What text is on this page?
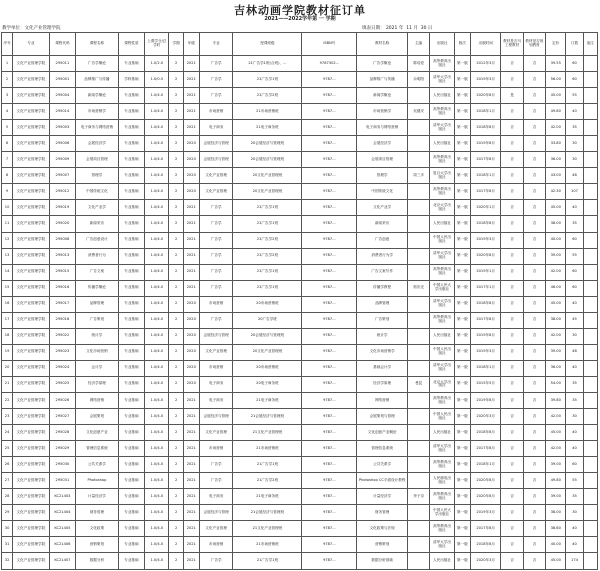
吉林动画学院教材征订单
2021——2022学年第 一 学期
教学单位：文化产业管理学院	填表日期： 2021 年 11 月 30 日
序号	专业	课程代码	课程名称	课程性质	上课学分/总学时	学期	年级	专业	授课班级	ISBN号	教材名称	主编	出版社	版次	出版时间	教材是否马工程教材	教材是否规划教材	定价	订数	备注
1	文化产业管理学院	295011	广告学概论	专业基础	1.0/2.0	2	2021	广告学	21广告学1班(合班)、...	9787302...	广告学概论	陈培爱	高等教育出版社	第一版	2012年3月	否	否	39.55	60	
2	文化产业管理学院	295001	品牌推广与传播	学科基础	1.0/0.5	2	2021	广告学	21广告学1班	9787...	品牌推广与传播	余明阳	清华大学出版社	第一版	2019年3月	否	否	56.00	60	
3	文化产业管理学院	295004	新闻学概论	专业基础	1.0/4.0	2	2021	广告学	21广告学2班	9787...	新闻学概论		人民出版社	第一版	2020年8月	是	否	45.00	55	
4	文化产业管理学院	295014	市场营销学	专业基础	1.0/4.0	2	2021	市场营销	21市场营销班	9787...	市场营销学	吴健安	高等教育出版社	第一版	2018年1月	否	否	49.80	40	
5	文化产业管理学院	295003	电子商务与网络营销	专业基础	1.0/4.0	2	2021	电子商务	21电子商务班	9787...	电子商务与网络营销		清华大学出版社	第一版	2018年8月	否	否	42.00	35	
6	文化产业管理学院	295006	会展经济学	专业基础	1.0/4.0	2	2020	会展经济与管理	20会展经济与管理班	9787...	会展经济学		人民出版社	第一版	2019年8月	否	否	33.80	30	
7	文化产业管理学院	295009	会展项目管理	专业基础	1.0/4.0	2	2020	会展经济与管理	20会展经济与管理班	9787...	会展项目管理		高等教育出版社	第一版	2017年8月	否	否	36.00	30	
8	文化产业管理学院	295007	管理学	专业基础	1.0/4.0	2	2020	文化产业管理	20文化产业管理班	9787...	管理学	周三多	复旦大学出版社	第一版	2018年1月	否	否	43.00	48	
9	文化产业管理学院	295012	中国传统文化	专业基础	1.0/4.0	2	2020	文化产业管理	20文化产业管理班	9787...	中国传统文化		高等教育出版社	第一版	2017年8月	否	否	42.30	107	
10	文化产业管理学院	295019	文化产业学	专业基础	1.0/4.0	2	2021	广告学	21广告学1班	9787...	文化产业学		北京大学出版社	第一版	2020年1月	否	否	45.00	40	
11	文化产业管理学院	295020	新闻采访	专业基础	1.0/4.0	2	2021	广告学	21广告学1班	9787...	新闻采访		人民出版社	第一版	2018年8月	否	否	38.00	35	
12	文化产业管理学院	295008	广告创意设计	专业基础	1.0/4.0	2	2021	广告学	21广告学2班	9787...	广告创意		中国人民出版社	第一版	2019年3月	否	否	40.00	60	
13	文化产业管理学院	295013	消费者行为	专业基础	1.0/4.0	2	2021	广告学	21广告学2班	9787...	消费者行为学		清华大学出版社	第一版	2020年8月	否	否	39.00	55	
14	文化产业管理学院	295015	广告文案	专业基础	1.0/4.0	2	2021	广告学	21广告学1班	9787...	广告文案写作		高等教育出版社	第一版	2019年1月	否	否	42.00	60	
15	文化产业管理学院	295016	传播学概论	专业基础	1.0/4.0	2	2021	广告学	21广告学1班	9787...	传播学教程	郭庆光	中国人民大学出版社	第一版	2017年1月	否	否	46.00	60	
16	文化产业管理学院	295017	品牌管理	专业基础	1.0/4.0	2	2020	市场营销	20市场营销班	9787...	品牌管理		清华大学出版社	第一版	2018年8月	否	否	45.00	40	
17	文化产业管理学院	295018	广告策划	专业基础	1.0/4.0	2	2020	广告学	20广告学班	9787...	广告策划		高等教育出版社	第一版	2017年8月	否	否	38.00	45	
18	文化产业管理学院	295022	统计学	专业基础	1.0/4.0	2	2020	会展经济与管理	20会展经济与管理班	9787...	统计学		人民出版社	第一版	2019年8月	否	否	42.00	30	
19	文化产业管理学院	295023	文化市场营销	专业基础	1.0/4.0	2	2020	文化产业管理	20文化产业管理班	9787...	文化市场营销学		中国人民出版社	第一版	2019年3月	否	否	39.00	48	
20	文化产业管理学院	295024	会计学	专业基础	1.0/4.0	2	2020	市场营销	20市场营销班	9787...	基础会计学		清华大学出版社	第一版	2018年1月	否	否	36.00	40	
21	文化产业管理学院	295025	经济学原理	专业基础	1.0/4.0	2	2020	电子商务	20电子商务班	9787...	经济学原理	曼昆	北京大学出版社	第一版	2015年5月	否	否	54.00	35	
22	文化产业管理学院	295026	网络营销	专业基础	1.0/4.0	2	2021	电子商务	21电子商务班	9787...	网络营销		高等教育出版社	第一版	2019年8月	否	否	39.80	35	
23	文化产业管理学院	295027	会展策划	专业基础	1.0/4.0	2	2021	会展经济与管理	21会展经济与管理班	9787...	会展策划与管理		中国人民出版社	第一版	2020年3月	否	否	42.00	30	
24	文化产业管理学院	295028	文化创意产业	专业基础	1.0/4.0	2	2021	文化产业管理	21文化产业管理班	9787...	文化创意产业概论		人民出版社	第一版	2018年8月	否	否	45.00	40	
25	文化产业管理学院	295029	管理信息系统	专业基础	1.0/4.0	2	2021	市场营销	21市场营销班	9787...	管理信息系统		清华大学出版社	第一版	2017年8月	否	否	42.00	40	
26	文化产业管理学院	295030	公共关系学	专业基础	1.0/4.0	2	2021	广告学	21广告学1班	9787...	公共关系学		高等教育出版社	第一版	2018年1月	否	否	39.00	60	
27	文化产业管理学院	295031	Photoshop	专业基础	1.0/4.0	2	2021	广告学	21广告学2班	9787...	Photoshop CC平面设计教程		人民邮电出版社	第一版	2020年8月	否	否	49.80	55	
28	文化产业管理学院	KC21403	计量经济学	专业基础	1.0/4.0	2	2021	电子商务	21电子商务班	9787...	计量经济学	李子奈	高等教育出版社	第一版	2020年8月	否	否	39.00	35	
29	文化产业管理学院	KC21404	财务管理	专业基础	1.0/4.0	2	2021	会展经济与管理	21会展经济与管理班	9787...	财务管理		中国人民大学出版社	第一版	2019年3月	否	否	38.00	30	
30	文化产业管理学院	KC21405	文化政策	专业基础	1.0/4.0	2	2021	文化产业管理	21文化产业管理班	9787...	文化政策与法规		高等教育出版社	第一版	2017年8月	否	否	38.60	40	
31	文化产业管理学院	KC21406	营销策划	专业基础	1.0/4.0	2	2021	市场营销	21市场营销班	9787...	营销策划		清华大学出版社	第一版	2018年8月	否	否	40.00	40	
32	文化产业管理学院	KC21407	数据分析	专业基础	1.0/4.0	2	2021	广告学	21广告学1班	9787...	数据分析基础		人民出版社	第一版	2020年3月	否	否	45.00	174	
